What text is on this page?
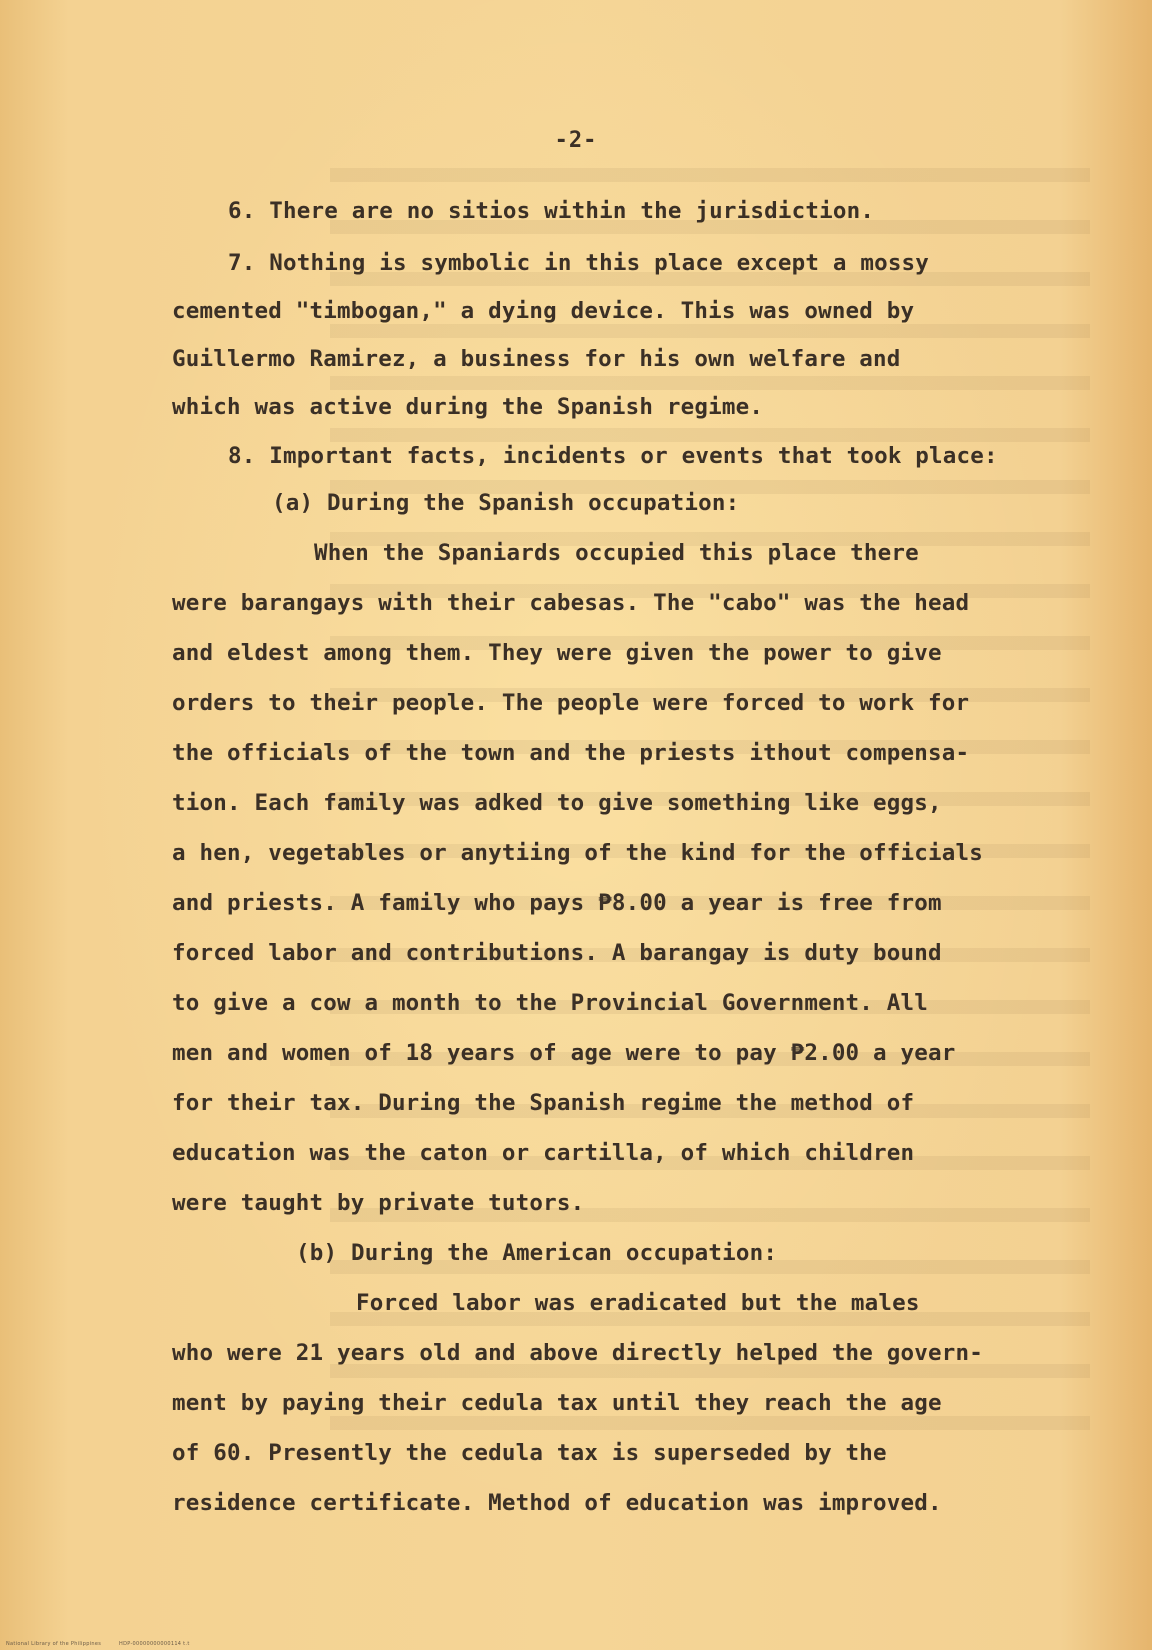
-2-
6. There are no sitios within the jurisdiction.
7. Nothing is symbolic in this place except a mossy
cemented "timbogan," a dying device. This was owned by
Guillermo Ramirez, a business for his own welfare and
which was active during the Spanish regime.
8. Important facts, incidents or events that took place:
(a) During the Spanish occupation:
When the Spaniards occupied this place there
were barangays with their cabesas. The "cabo" was the head
and eldest among them. They were given the power to give
orders to their people. The people were forced to work for
the officials of the town and the priests ithout compensa-
tion. Each family was adked to give something like eggs,
a hen, vegetables or anytiing of the kind for the officials
and priests. A family who pays ₱8.00 a year is free from
forced labor and contributions. A barangay is duty bound
to give a cow a month to the Provincial Government. All
men and women of 18 years of age were to pay ₱2.00 a year
for their tax. During the Spanish regime the method of
education was the caton or cartilla, of which children
were taught by private tutors.
(b) During the American occupation:
Forced labor was eradicated but the males
who were 21 years old and above directly helped the govern-
ment by paying their cedula tax until they reach the age
of 60. Presently the cedula tax is superseded by the
residence certificate. Method of education was improved.
National Library of the Philippines	HDP-00000000000114 t.t
